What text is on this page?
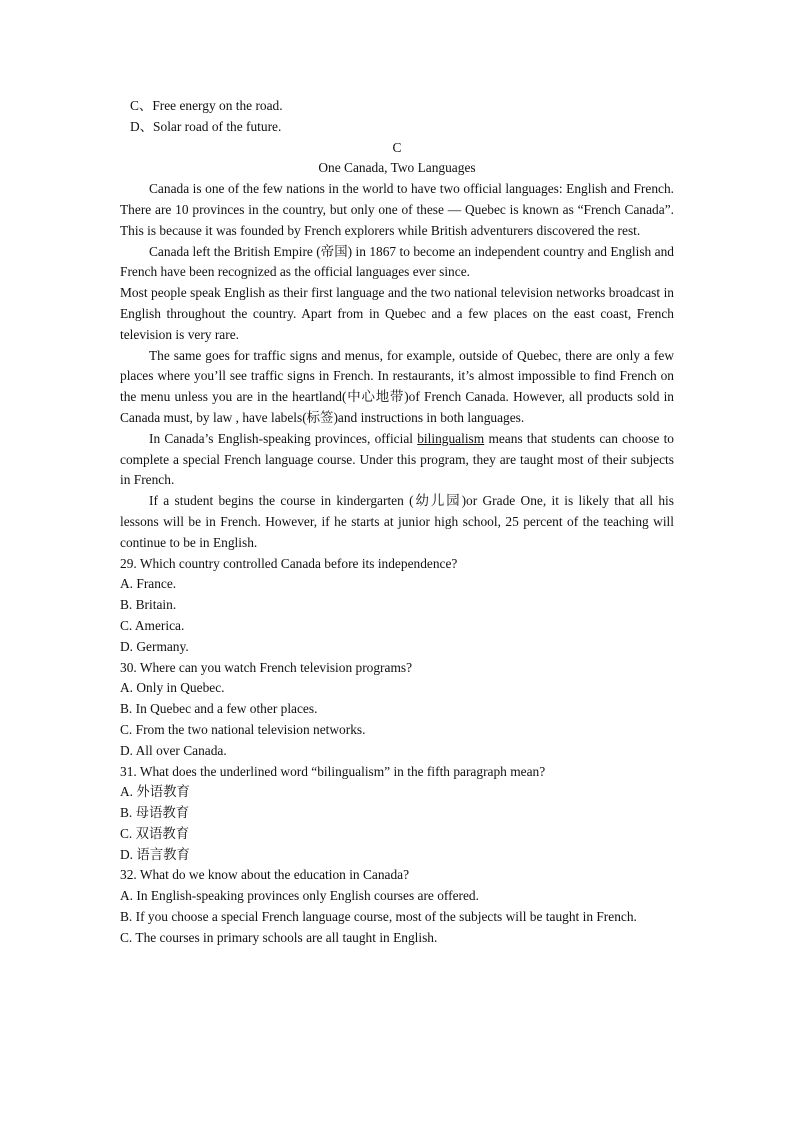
C、Free energy on the road.

D、Solar road of the future.

C

One Canada, Two Languages

Canada is one of the few nations in the world to have two official languages: English and French. There are 10 provinces in the country, but only one of these — Quebec is known as “French Canada”. This is because it was founded by French explorers while British adventurers discovered the rest.

Canada left the British Empire (帝国) in 1867 to become an independent country and English and French have been recognized as the official languages ever since.

Most people speak English as their first language and the two national television networks broadcast in English throughout the country. Apart from in Quebec and a few places on the east coast, French television is very rare.

The same goes for traffic signs and menus, for example, outside of Quebec, there are only a few places where you’ll see traffic signs in French. In restaurants, it’s almost impossible to find French on the menu unless you are in the heartland(中心地带)of French Canada. However, all products sold in Canada must, by law , have labels(标签)and instructions in both languages.

In Canada’s English-speaking provinces, official bilingualism means that students can choose to complete a special French language course. Under this program, they are taught most of their subjects in French.

If a student begins the course in kindergarten (幼儿园)or Grade One, it is likely that all his lessons will be in French. However, if he starts at junior high school, 25 percent of the teaching will continue to be in English.

29. Which country controlled Canada before its independence?

A. France.

B. Britain.

C. America.

D. Germany.

30. Where can you watch French television programs?

A. Only in Quebec.

B. In Quebec and a few other places.

C. From the two national television networks.

D. All over Canada.

31. What does the underlined word “bilingualism” in the fifth paragraph mean?

A. 外语教育

B. 母语教育

C. 双语教育

D. 语言教育

32. What do we know about the education in Canada?

A. In English-speaking provinces only English courses are offered.

B. If you choose a special French language course, most of the subjects will be taught in French.

C. The courses in primary schools are all taught in English.
